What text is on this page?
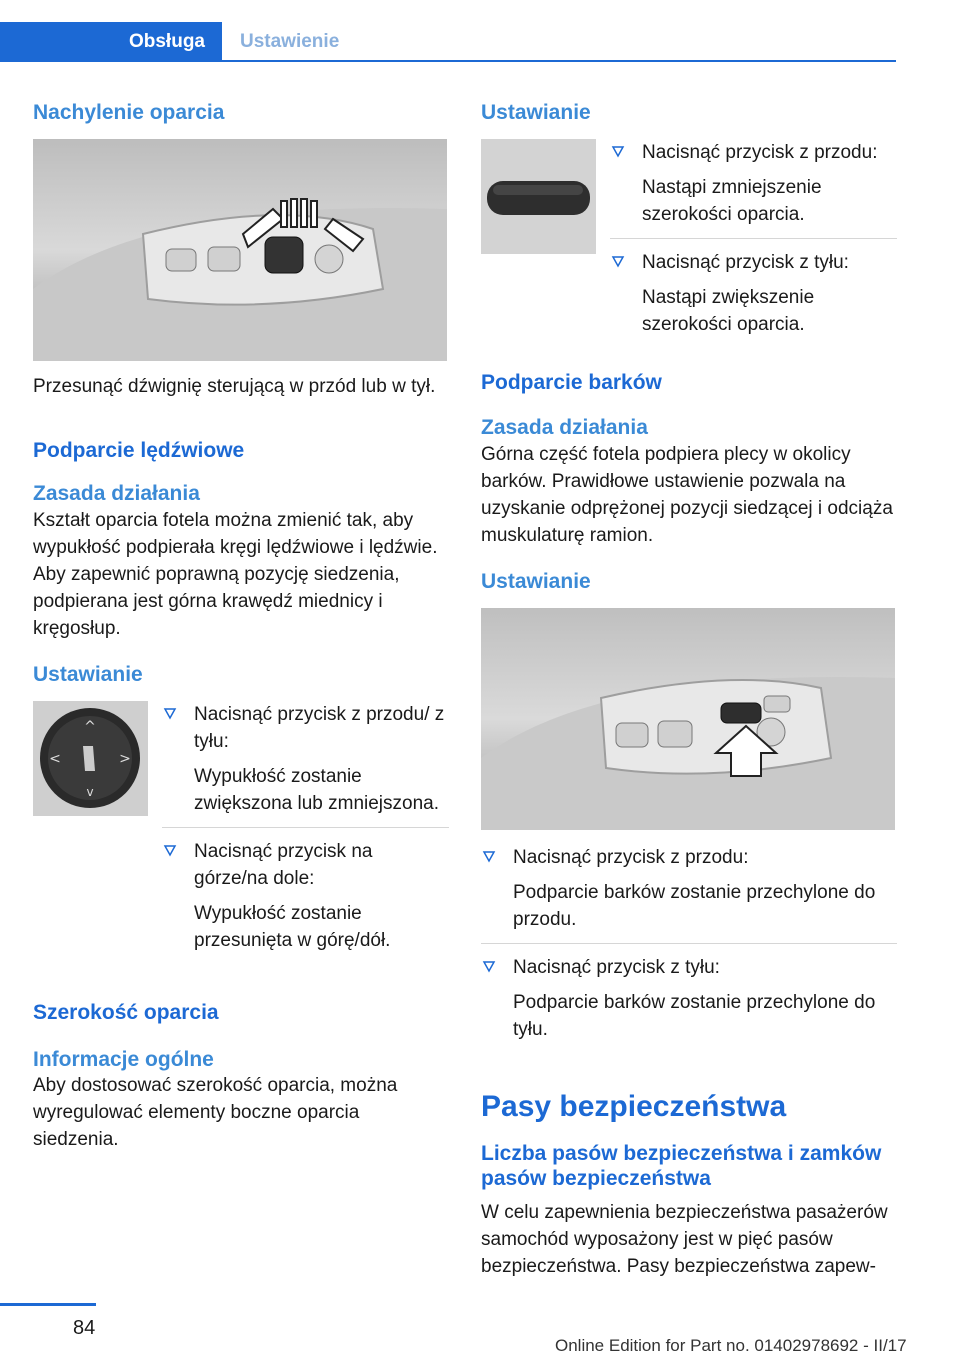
Obsługa	Ustawienie
Nachylenie oparcia

Przesunąć dźwignię sterującą w przód lub w tył.

Podparcie lędźwiowe
Zasada działania

Kształt oparcia fotela można zmienić tak, aby wypukłość podpierała kręgi lędźwiowe i lędźwie. Aby zapewnić poprawną pozycję siedzenia, podpierana jest górna krawędź miednicy i kręgosłup.

Ustawianie
^
v
<	>

Nacisnąć przycisk z przodu/ z tyłu:

Wypukłość zostanie zwiększona lub zmniejszona.

Nacisnąć przycisk na górze/na dole:

Wypukłość zostanie przesunięta w górę/dół.

Szerokość oparcia
Informacje ogólne

Aby dostosować szerokość oparcia, można wyregulować elementy boczne oparcia siedzenia.

Ustawianie

Nacisnąć przycisk z przodu:

Nastąpi zmniejszenie szerokości oparcia.

Nacisnąć przycisk z tyłu:

Nastąpi zwiększenie szerokości oparcia.

Podparcie barków
Zasada działania

Górna część fotela podpiera plecy w okolicy barków. Prawidłowe ustawienie pozwala na uzyskanie odprężonej pozycji siedzącej i odciąża muskulaturę ramion.

Ustawianie

Nacisnąć przycisk z przodu:

Podparcie barków zostanie przechylone do przodu.

Nacisnąć przycisk z tyłu:

Podparcie barków zostanie przechylone do tyłu.

Pasy bezpieczeństwa
Liczba pasów bezpieczeństwa i zamków pasów bezpieczeństwa

W celu zapewnienia bezpieczeństwa pasażerów samochód wyposażony jest w pięć pasów bezpieczeństwa. Pasy bezpieczeństwa zapew-

84
Online Edition for Part no. 01402978692 - II/17
